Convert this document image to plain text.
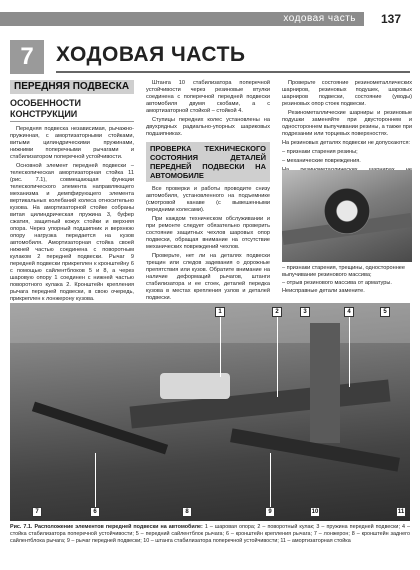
ходовая часть	137
7	ХОДОВАЯ ЧАСТЬ
ПЕРЕДНЯЯ ПОДВЕСКА
ОСОБЕННОСТИ КОНСТРУКЦИИ

Передняя подвеска независимая, рычажно-пружинная, с амортизаторными стойками, витыми цилиндрическими пружинами, нижними поперечными рычагами и стабилизатором поперечной устойчивости.

Основной элемент передней подвески – телескопическая амортизаторная стойка 11 (рис. 7.1), совмещающая функции телескопического элемента направляющего механизма и демпфирующего элемента вертикальных колебаний колеса относительно кузова. На амортизаторной стойке собраны витая цилиндрическая пружина 3, буфер сжатия, защитный кожух стойки и верхняя опора. Через упорный подшипник и верхнюю опору нагрузка передается на кузов автомобиля. Амортизаторная стойка своей нижней частью соединена с поворотным кулаком 2 передней подвески. Рычаг 9 передней подвески прикреплен к кронштейну 6 с помощью сайлентблоков 5 и 8, а через шаровую опору 1 соединен с нижней частью поворотного кулака 2. Кронштейн крепления рычага передней подвески, в свою очередь, прикреплен к лонжерону кузова.

Штанга 10 стабилизатора поперечной устойчивости через резиновые втулки соединена с поперечной передней подвески автомобиля двумя скобами, а с амортизаторной стойкой – стойкой 4.

Ступицы передних колес установлены на двухрядных радиально-упорных шариковых подшипниках.

ПРОВЕРКА ТЕХНИЧЕСКОГО СОСТОЯНИЯ ДЕТАЛЕЙ ПЕРЕДНЕЙ ПОДВЕСКИ НА АВТОМОБИЛЕ

Все проверки и работы проводите снизу автомобиля, установленного на подъемнике (смотровой канаве (с вывешенными передними колесами).

При каждом техническом обслуживании и при ремонте следует обязательно проверить состояние защитных чехлов шаровых опор подвески, обращая внимание на отсутствие механических повреждений чехлов.

Проверьте, нет ли на деталях подвески трещин или следов задевания о дорожные препятствия или кузов. Обратите внимание на наличие деформаций рычагов, штанги стабилизатора и ее стоек, деталей передка кузова в местах крепления узлов и деталей подвески.

Проверьте состояние резинометаллических шарниров, резиновых подушек, шаровых шарниров подвески, состояние (уводы) резиновых опор стоек подвески.

Резинометаллические шарниры и резиновые подушки заменяйте при двустороннем и одностороннем выпучивании резины, а также при подрезании или торцевых поверхностях.

На резиновых деталях подвески не допускаются:

– признаки старения резины;

– механические повреждения.

– признаки старения, трещины, одностороннее выпучивание резинового массива;

– отрыв резинового массива от арматуры.

Неисправные детали замените.

1	2	3	4	5
6
7	8	9	10	11
Рис. 7.1. Расположение элементов передней подвески на автомобиле: 1 – шаровая опора; 2 – поворотный кулак; 3 – пружина передней подвески; 4 – стойка стабилизатора поперечной устойчивости; 5 – передний сайлентблок рычага; 6 – кронштейн крепления рычага; 7 – лонжерон; 8 – кронштейн заднего сайлентблока рычага; 9 – рычаг передней подвески; 10 – штанга стабилизатора поперечной устойчивости; 11 – амортизаторная стойка
